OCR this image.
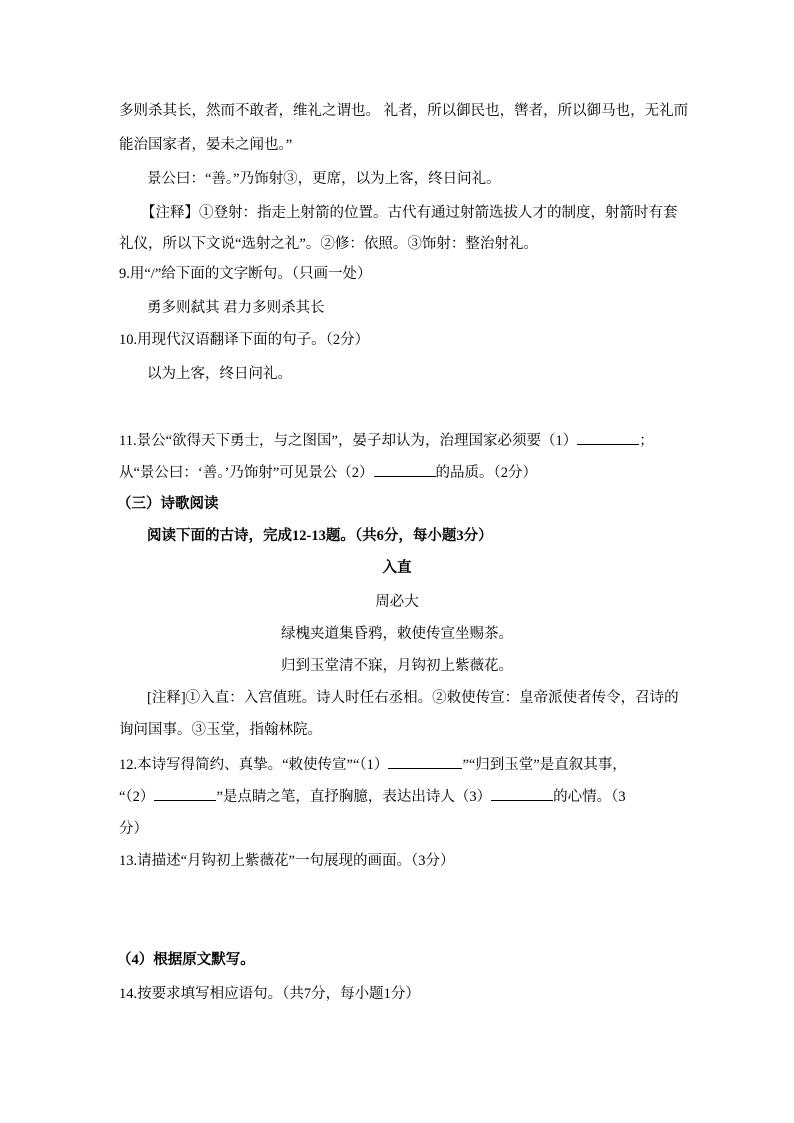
多则杀其长，然而不敢者，维礼之谓也。 礼者，所以御民也，辔者，所以御马也，无礼而
能治国家者，晏未之闻也。”
景公曰：“善。”乃饰射③，更席，以为上客，终日问礼。
【注释】①登射：指走上射箭的位置。古代有通过射箭选拔人才的制度，射箭时有套
礼仪，所以下文说“选射之礼”。②修：依照。③饰射：整治射礼。
9.用“/”给下面的文字断句。（只画一处）
勇多则弑其 君力多则杀其长
10.用现代汉语翻译下面的句子。（2分）
以为上客，终日问礼。
11.景公“欲得天下勇士，与之图国”，晏子却认为，治理国家必须要（1）	；
从“景公曰：‘善。’乃饰射”可见景公（2）	的品质。（2分）
（三）诗歌阅读
阅读下面的古诗，完成12-13题。（共6分，每小题3分）
入直
周必大
绿槐夹道集昏鸦，敕使传宣坐赐茶。
归到玉堂清不寐，月钩初上紫薇花。
[注释]①入直：入宫值班。诗人时任右丞相。②敕使传宣：皇帝派使者传令，召诗的
询问国事。③玉堂，指翰林院。
12.本诗写得简约、真挚。“敕使传宣”“（1）	”“归到玉堂”是直叙其事，
“（2）	”是点睛之笔，直抒胸臆，表达出诗人（3）	的心情。（3
分）
13.请描述“月钩初上紫薇花”一句展现的画面。（3分）
（4）根据原文默写。
14.按要求填写相应语句。（共7分，每小题1分）
